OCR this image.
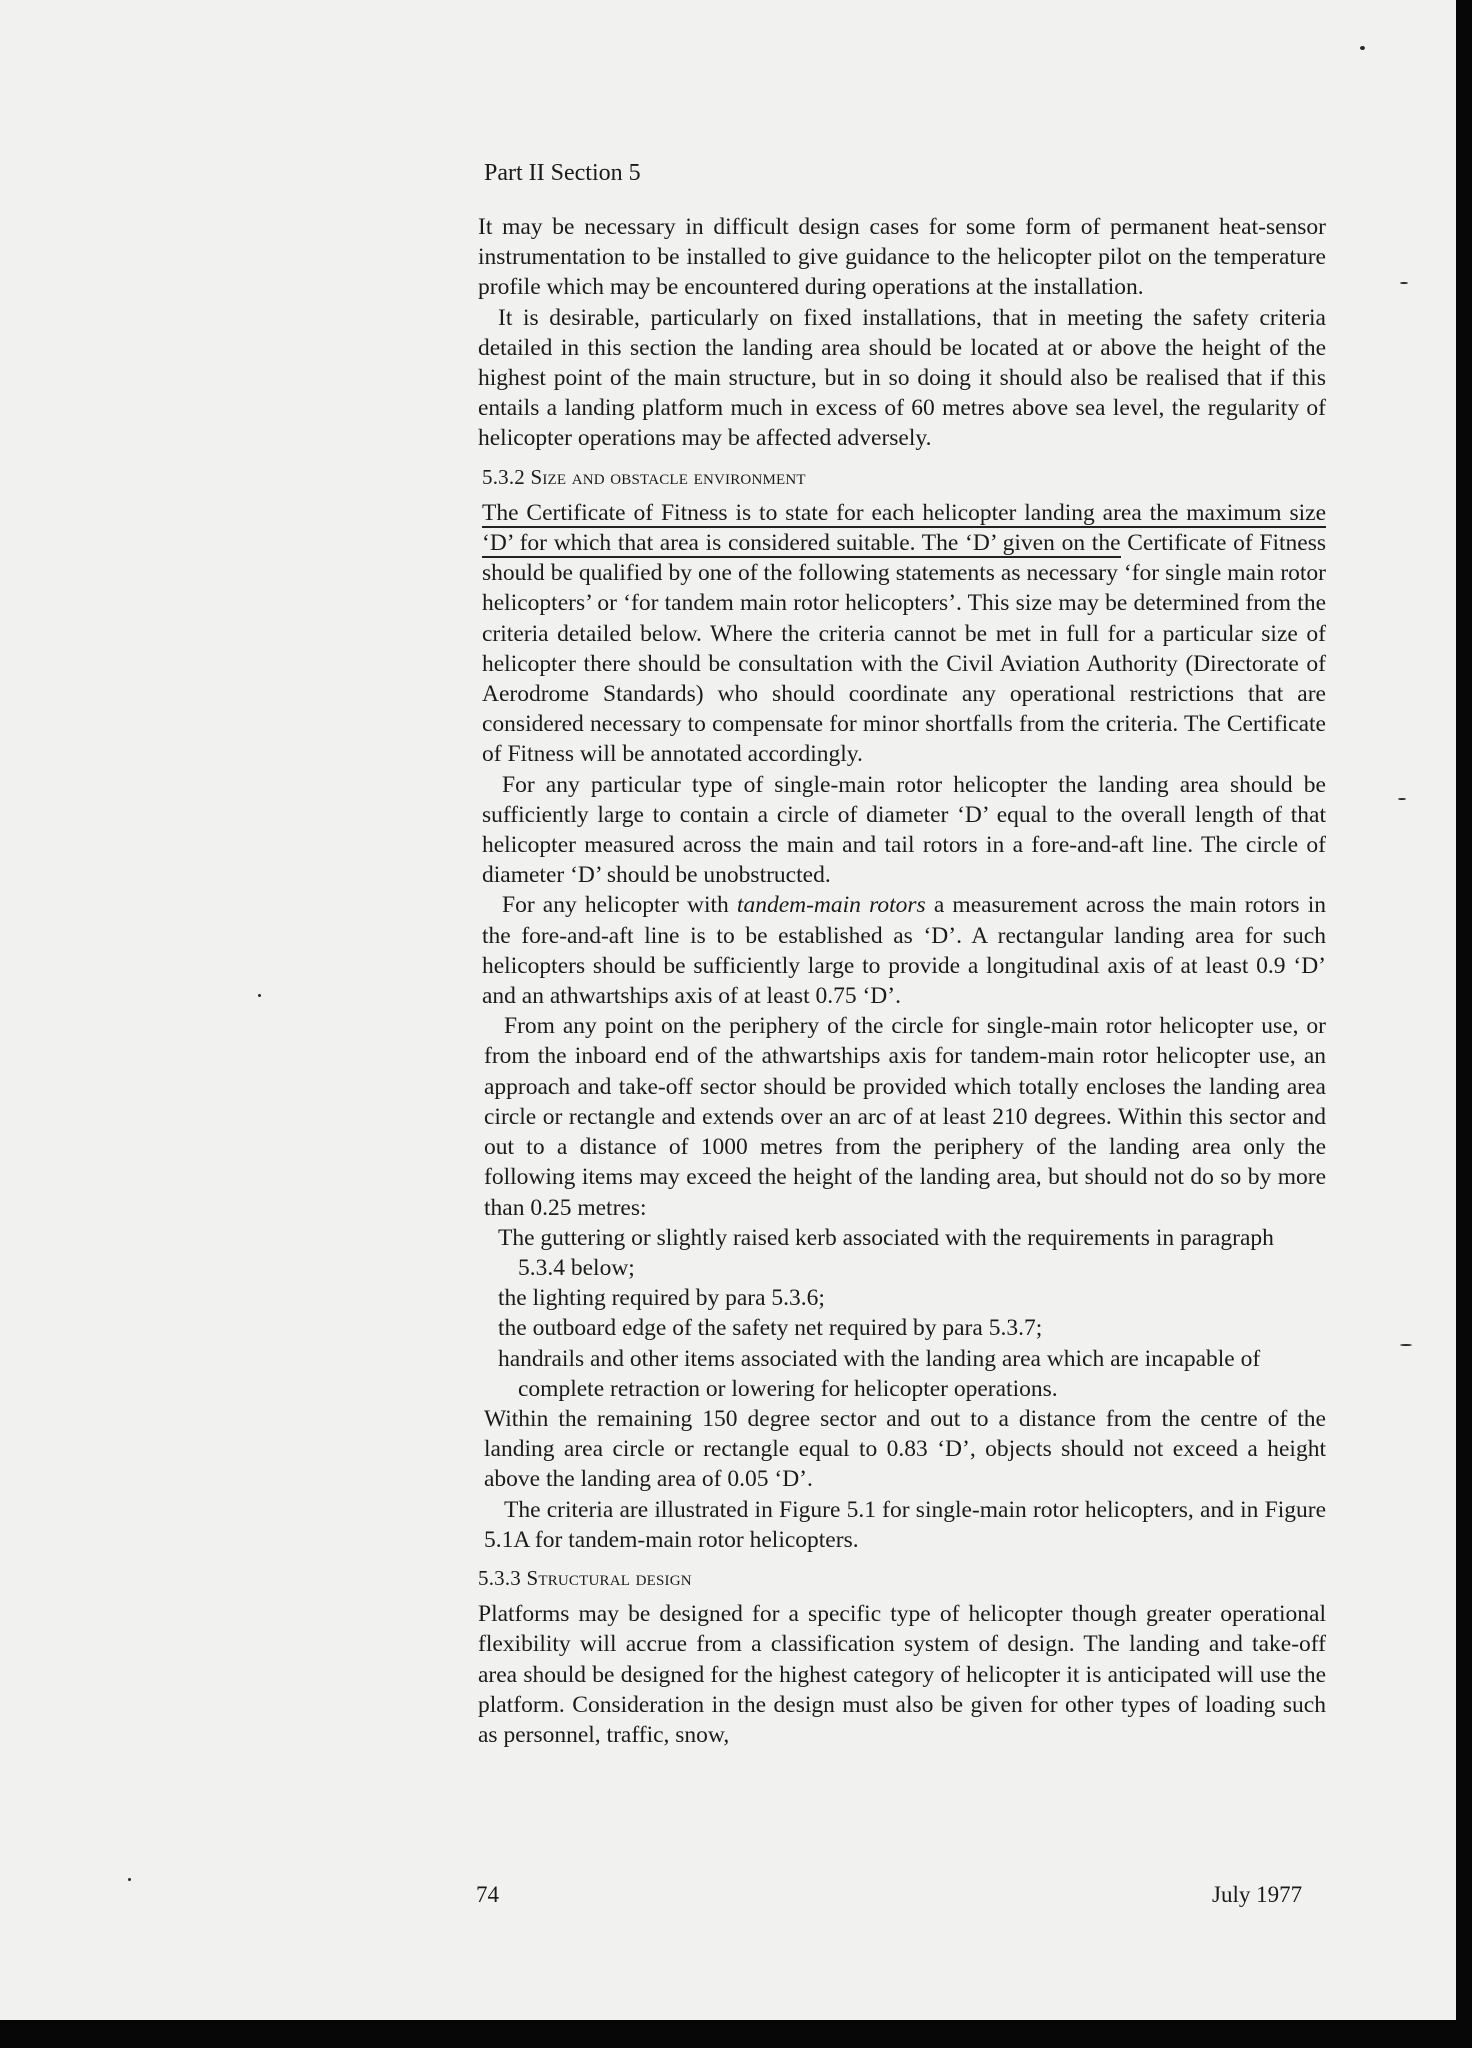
Part II Section 5

It may be necessary in difficult design cases for some form of permanent heat-sensor instrumentation to be installed to give guidance to the helicopter pilot on the temperature profile which may be encountered during operations at the installation.

It is desirable, particularly on fixed installations, that in meeting the safety criteria detailed in this section the landing area should be located at or above the height of the highest point of the main structure, but in so doing it should also be realised that if this entails a landing platform much in excess of 60 metres above sea level, the regularity of helicopter operations may be affected adversely.

5.3.2 Size and obstacle environment

The Certificate of Fitness is to state for each helicopter landing area the maximum size ‘D’ for which that area is considered suitable. The ‘D’ given on the Certificate of Fitness should be qualified by one of the following statements as necessary ‘for single main rotor helicopters’ or ‘for tandem main rotor helicopters’. This size may be determined from the criteria detailed below. Where the criteria cannot be met in full for a particular size of helicopter there should be consultation with the Civil Aviation Authority (Directorate of Aerodrome Standards) who should coordinate any operational restrictions that are considered necessary to compensate for minor shortfalls from the criteria. The Certificate of Fitness will be annotated accordingly.

For any particular type of single-main rotor helicopter the landing area should be sufficiently large to contain a circle of diameter ‘D’ equal to the overall length of that helicopter measured across the main and tail rotors in a fore-and-aft line. The circle of diameter ‘D’ should be unobstructed.

For any helicopter with tandem-main rotors a measurement across the main rotors in the fore-and-aft line is to be established as ‘D’. A rectangular landing area for such helicopters should be sufficiently large to provide a longitudinal axis of at least 0.9 ‘D’ and an athwartships axis of at least 0.75 ‘D’.

From any point on the periphery of the circle for single-main rotor helicopter use, or from the inboard end of the athwartships axis for tandem-main rotor helicopter use, an approach and take-off sector should be provided which totally encloses the landing area circle or rectangle and extends over an arc of at least 210 degrees. Within this sector and out to a distance of 1000 metres from the periphery of the landing area only the following items may exceed the height of the landing area, but should not do so by more than 0.25 metres:

The guttering or slightly raised kerb associated with the requirements in paragraph 5.3.4 below;
the lighting required by para 5.3.6;
the outboard edge of the safety net required by para 5.3.7;
handrails and other items associated with the landing area which are incapable of complete retraction or lowering for helicopter operations.

Within the remaining 150 degree sector and out to a distance from the centre of the landing area circle or rectangle equal to 0.83 ‘D’, objects should not exceed a height above the landing area of 0.05 ‘D’.

The criteria are illustrated in Figure 5.1 for single-main rotor helicopters, and in Figure 5.1A for tandem-main rotor helicopters.

5.3.3 Structural design

Platforms may be designed for a specific type of helicopter though greater operational flexibility will accrue from a classification system of design. The landing and take-off area should be designed for the highest category of helicopter it is anticipated will use the platform. Consideration in the design must also be given for other types of loading such as personnel, traffic, snow,

74	July 1977
